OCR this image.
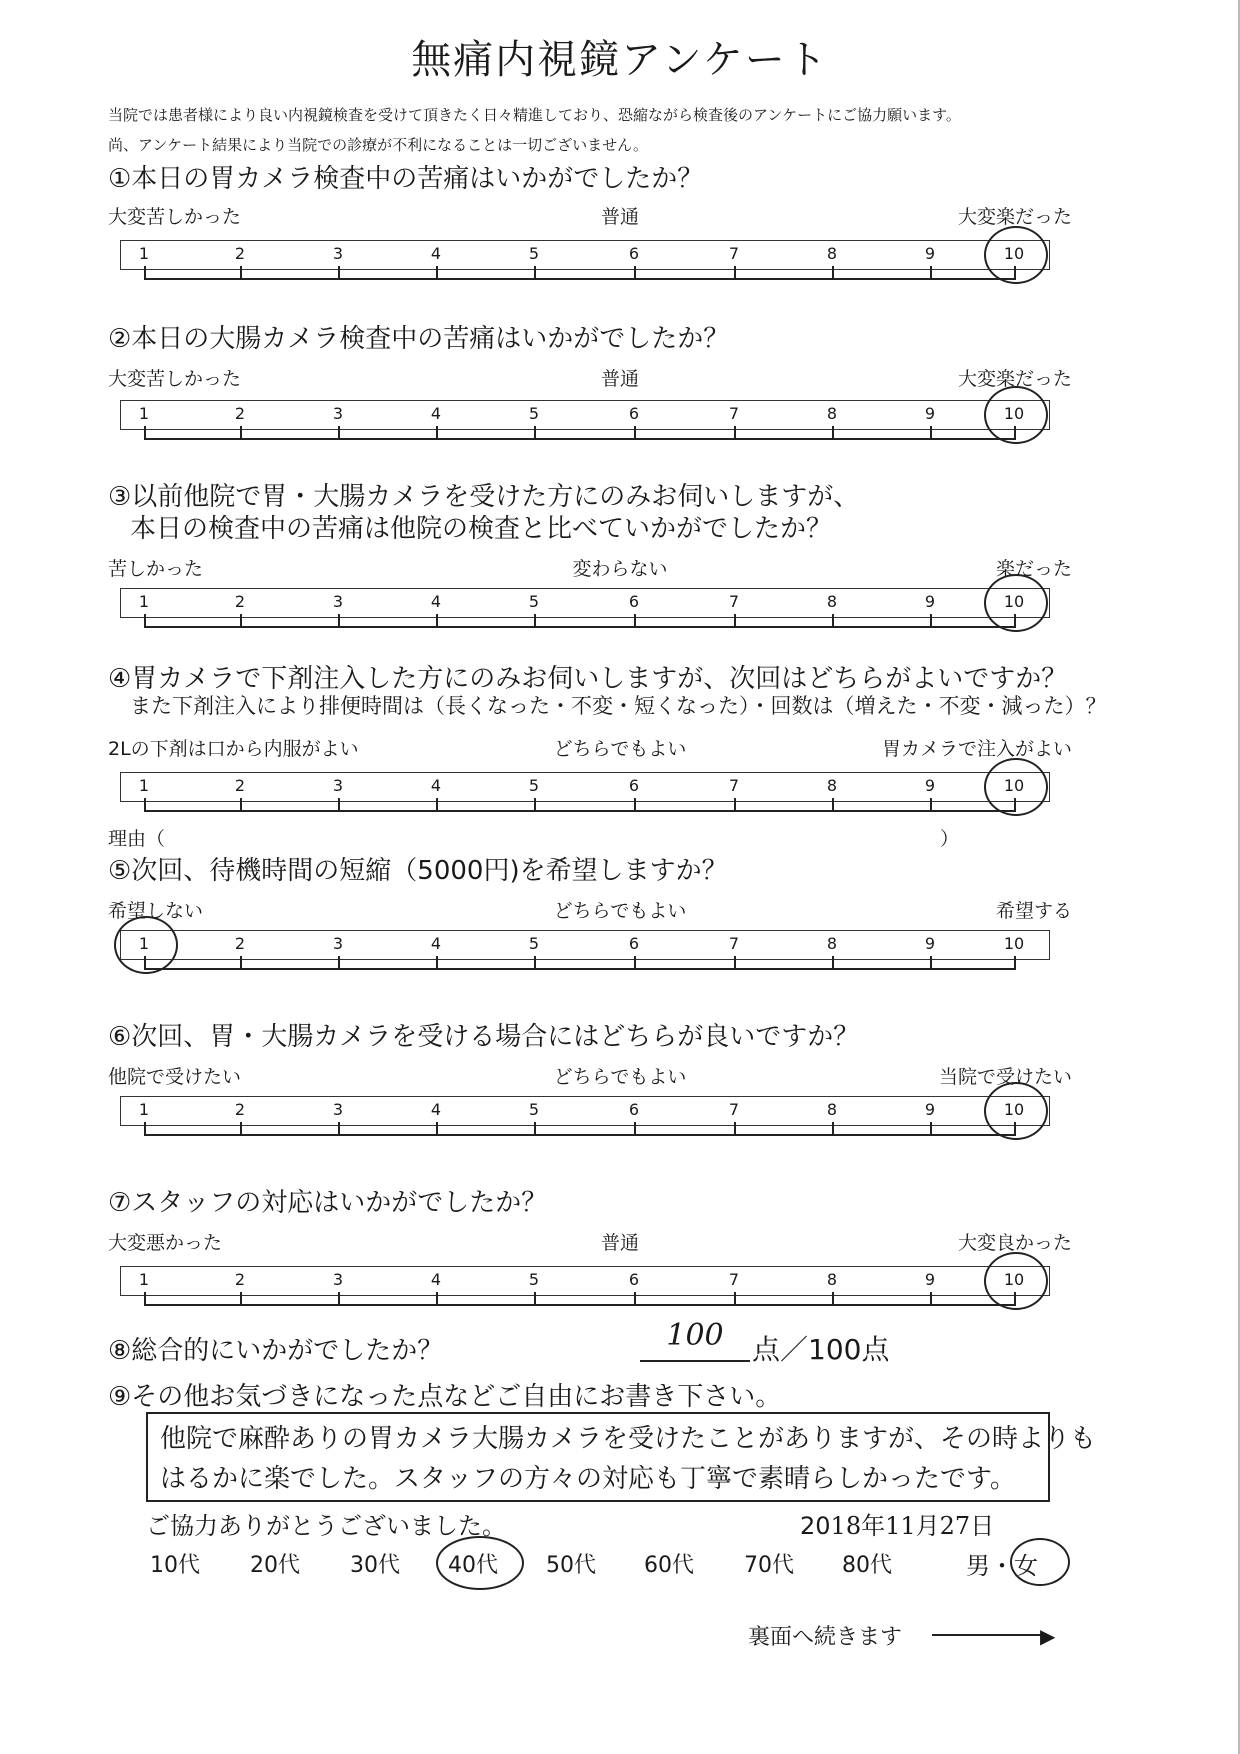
無痛内視鏡アンケート
当院では患者様により良い内視鏡検査を受けて頂きたく日々精進しており、恐縮ながら検査後のアンケートにご協力願います。
尚、アンケート結果により当院での診療が不利になることは一切ございません。
①本日の胃カメラ検査中の苦痛はいかがでしたか？
大変苦しかった	普通	大変楽だった
1	2	3	4	5	6	7	8	9	10
②本日の大腸カメラ検査中の苦痛はいかがでしたか？
大変苦しかった	普通	大変楽だった
1	2	3	4	5	6	7	8	9	10
③以前他院で胃・大腸カメラを受けた方にのみお伺いしますが、
本日の検査中の苦痛は他院の検査と比べていかがでしたか？
苦しかった	変わらない	楽だった
1	2	3	4	5	6	7	8	9	10
④胃カメラで下剤注入した方にのみお伺いしますが、次回はどちらがよいですか？
また下剤注入により排便時間は（長くなった・不変・短くなった）・回数は（増えた・不変・減った）？
2Lの下剤は口から内服がよい	どちらでもよい	胃カメラで注入がよい
1	2	3	4	5	6	7	8	9	10
理由（	）
⑤次回、待機時間の短縮（5000円)を希望しますか？
希望しない	どちらでもよい	希望する
1	2	3	4	5	6	7	8	9	10
⑥次回、胃・大腸カメラを受ける場合にはどちらが良いですか？
他院で受けたい	どちらでもよい	当院で受けたい
1	2	3	4	5	6	7	8	9	10
⑦スタッフの対応はいかがでしたか？
大変悪かった	普通	大変良かった
1	2	3	4	5	6	7	8	9	10
⑧総合的にいかがでしたか？	100	点／100点
⑨その他お気づきになった点などご自由にお書き下さい。
他院で麻酔ありの胃カメラ大腸カメラを受けたことがありますが、その時よりも
はるかに楽でした。スタッフの方々の対応も丁寧で素晴らしかったです。
ご協力ありがとうございました。	2018年11月27日
10代 20代 30代 40代 50代 60代 70代 80代	男・女
裏面へ続きます	▶
